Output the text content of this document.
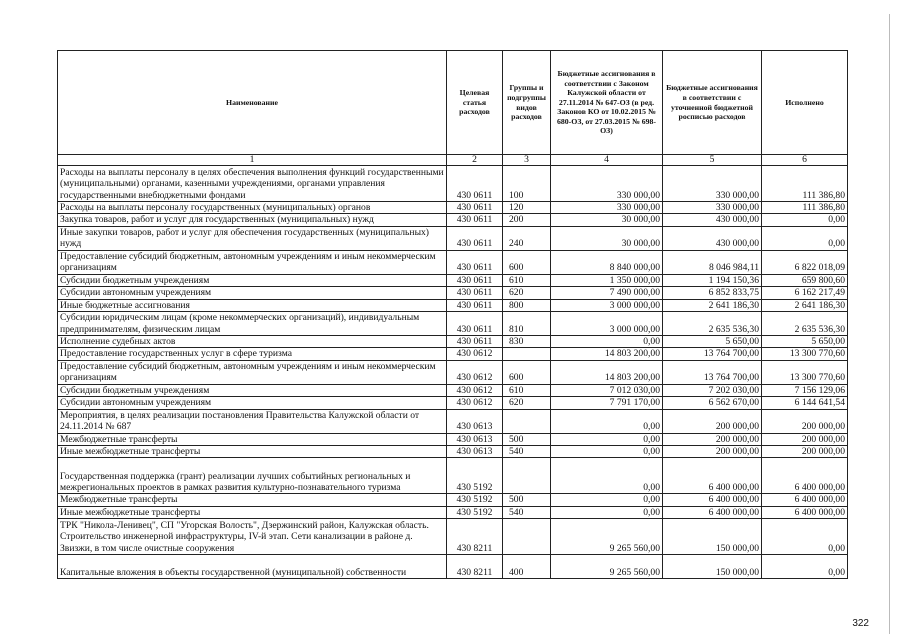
Наименование	Целевая статья расходов	Группы и подгруппы видов расходов	Бюджетные ассигнования в соответствии с Законом Калужской области от 27.11.2014 № 647-ОЗ (в ред. Законов КО от 10.02.2015 № 680-ОЗ, от 27.03.2015 № 698-ОЗ)	Бюджетные ассигнования в соответствии с уточненной бюджетной росписью расходов	Исполнено
1	2	3	4	5	6
Расходы на выплаты персоналу в целях обеспечения выполнения функций государственными (муниципальными) органами, казенными учреждениями, органами управления государственными внебюджетными фондами	430 0611	100	330 000,00	330 000,00	111 386,80
Расходы на выплаты персоналу государственных (муниципальных) органов	430 0611	120	330 000,00	330 000,00	111 386,80
Закупка товаров, работ и услуг для государственных (муниципальных) нужд	430 0611	200	30 000,00	430 000,00	0,00
Иные закупки товаров, работ и услуг для обеспечения государственных (муниципальных) нужд	430 0611	240	30 000,00	430 000,00	0,00
Предоставление субсидий бюджетным, автономным учреждениям и иным некоммерческим организациям	430 0611	600	8 840 000,00	8 046 984,11	6 822 018,09
Субсидии бюджетным учреждениям	430 0611	610	1 350 000,00	1 194 150,36	659 800,60
Субсидии автономным учреждениям	430 0611	620	7 490 000,00	6 852 833,75	6 162 217,49
Иные бюджетные ассигнования	430 0611	800	3 000 000,00	2 641 186,30	2 641 186,30
Субсидии юридическим лицам (кроме некоммерческих организаций), индивидуальным предпринимателям, физическим лицам	430 0611	810	3 000 000,00	2 635 536,30	2 635 536,30
Исполнение судебных актов	430 0611	830	0,00	5 650,00	5 650,00
Предоставление государственных услуг в сфере туризма	430 0612		14 803 200,00	13 764 700,00	13 300 770,60
Предоставление субсидий бюджетным, автономным учреждениям и иным некоммерческим организациям	430 0612	600	14 803 200,00	13 764 700,00	13 300 770,60
Субсидии бюджетным учреждениям	430 0612	610	7 012 030,00	7 202 030,00	7 156 129,06
Субсидии автономным учреждениям	430 0612	620	7 791 170,00	6 562 670,00	6 144 641,54
Мероприятия, в целях реализации постановления Правительства Калужской области от 24.11.2014 № 687	430 0613		0,00	200 000,00	200 000,00
Межбюджетные трансферты	430 0613	500	0,00	200 000,00	200 000,00
Иные межбюджетные трансферты	430 0613	540	0,00	200 000,00	200 000,00
Государственная поддержка (грант) реализации лучших событийных региональных и межрегиональных проектов в рамках развития культурно-познавательного туризма	430 5192		0,00	6 400 000,00	6 400 000,00
Межбюджетные трансферты	430 5192	500	0,00	6 400 000,00	6 400 000,00
Иные межбюджетные трансферты	430 5192	540	0,00	6 400 000,00	6 400 000,00
ТРК "Никола-Ленивец", СП "Угорская Волость", Дзержинский район, Калужская область. Строительство инженерной инфраструктуры, IV-й этап. Сети канализации в районе д. Звизжи, в том числе очистные сооружения	430 8211		9 265 560,00	150 000,00	0,00
Капитальные вложения в объекты государственной (муниципальной) собственности	430 8211	400	9 265 560,00	150 000,00	0,00
322
